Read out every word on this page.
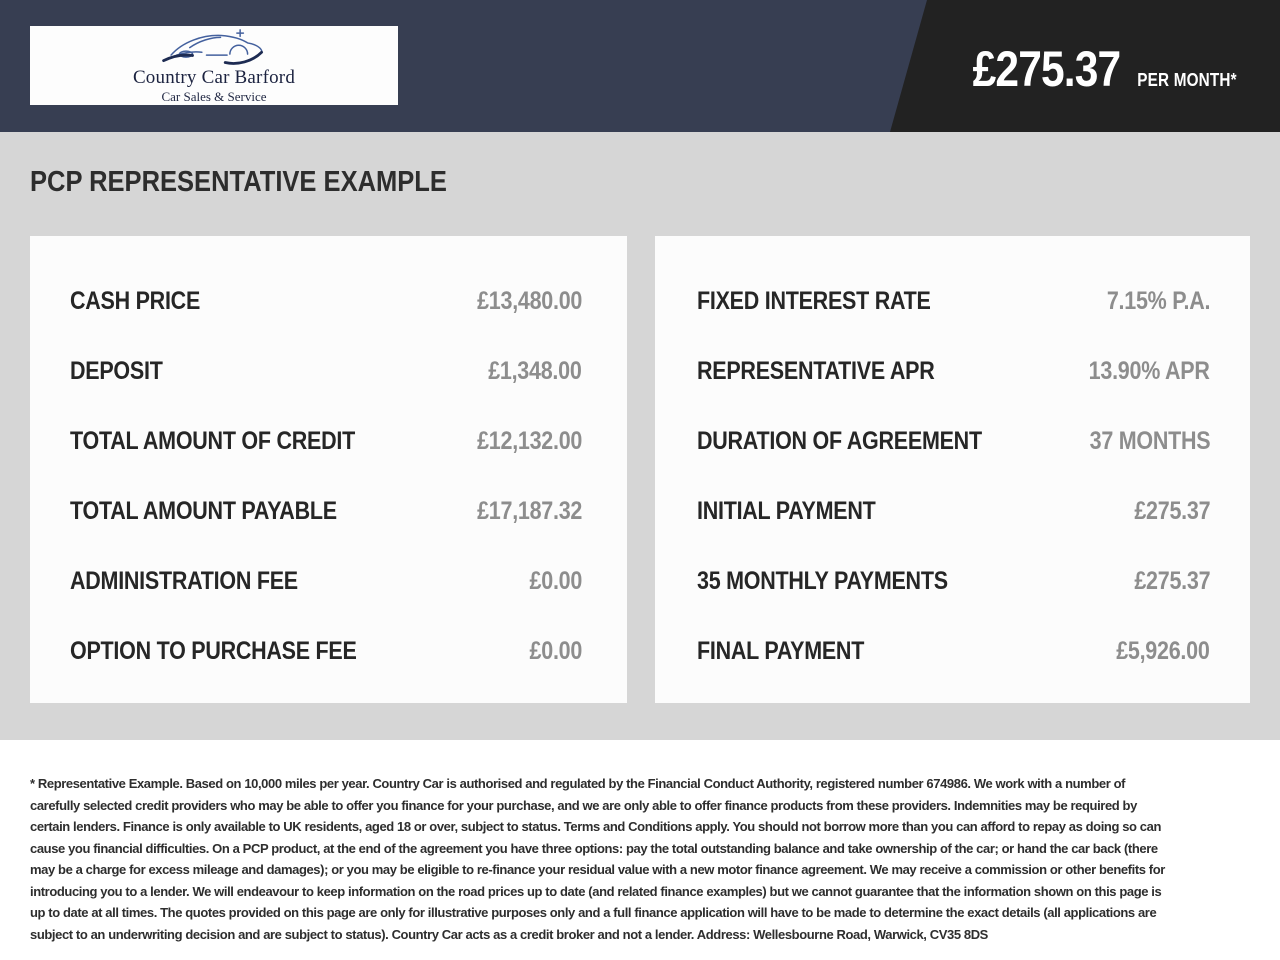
Country Car Barford
Car Sales & Service	£275.37 PER MONTH*
PCP REPRESENTATIVE EXAMPLE
CASH PRICE	£13,480.00
DEPOSIT	£1,348.00
TOTAL AMOUNT OF CREDIT	£12,132.00
TOTAL AMOUNT PAYABLE	£17,187.32
ADMINISTRATION FEE	£0.00
OPTION TO PURCHASE FEE	£0.00
FIXED INTEREST RATE	7.15% P.A.
REPRESENTATIVE APR	13.90% APR
DURATION OF AGREEMENT	37 MONTHS
INITIAL PAYMENT	£275.37
35 MONTHLY PAYMENTS	£275.37
FINAL PAYMENT	£5,926.00

* Representative Example. Based on 10,000 miles per year. Country Car is authorised and regulated by the Financial Conduct Authority, registered number 674986. We work with a number of carefully selected credit providers who may be able to offer you finance for your purchase, and we are only able to offer finance products from these providers. Indemnities may be required by certain lenders. Finance is only available to UK residents, aged 18 or over, subject to status. Terms and Conditions apply. You should not borrow more than you can afford to repay as doing so can cause you financial difficulties. On a PCP product, at the end of the agreement you have three options: pay the total outstanding balance and take ownership of the car; or hand the car back (there may be a charge for excess mileage and damages); or you may be eligible to re-finance your residual value with a new motor finance agreement. We may receive a commission or other benefits for introducing you to a lender. We will endeavour to keep information on the road prices up to date (and related finance examples) but we cannot guarantee that the information shown on this page is up to date at all times. The quotes provided on this page are only for illustrative purposes only and a full finance application will have to be made to determine the exact details (all applications are subject to an underwriting decision and are subject to status). Country Car acts as a credit broker and not a lender. Address: Wellesbourne Road, Warwick, CV35 8DS
